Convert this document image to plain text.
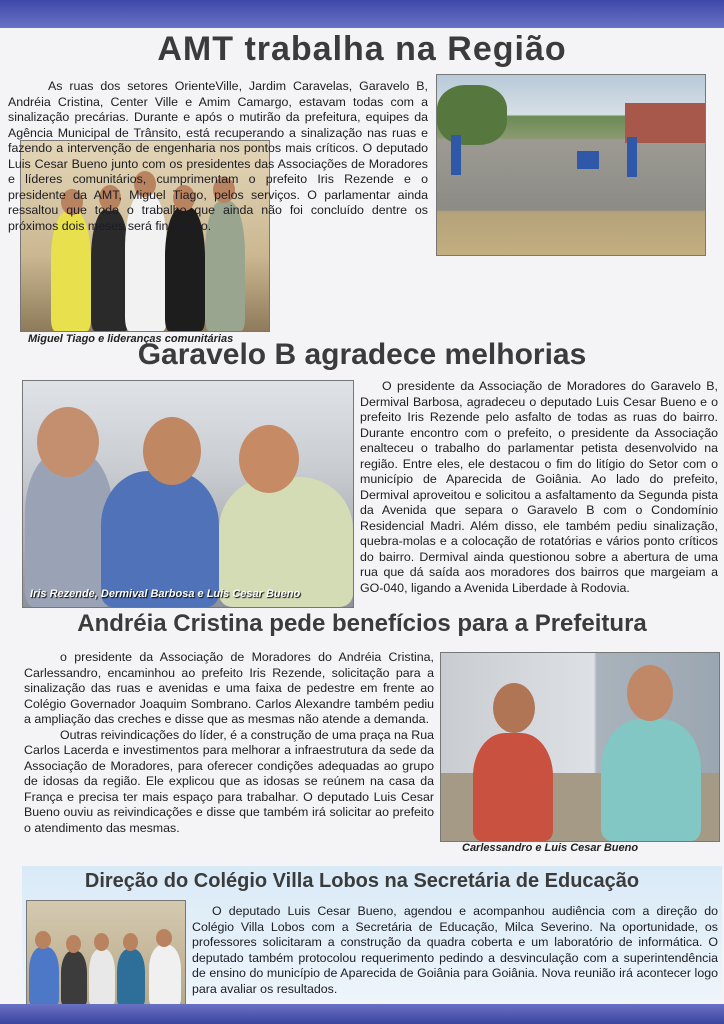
AMT trabalha na Região
Miguel Tiago e lideranças comunitárias

As ruas dos setores OrienteVille, Jardim Caravelas, Garavelo B, Andréia Cristina, Center Ville e Amim Camargo, estavam todas com a sinalização precárias. Durante e após o mutirão da prefeitura, equipes da Agência Municipal de Trânsito, está recuperando a sinalização nas ruas e fazendo a intervenção de engenharia nos pontos mais críticos. O deputado Luis Cesar Bueno junto com os presidentes das Associações de Moradores e líderes comunitários, cumprimentam o prefeito Iris Rezende e o presidente da AMT, Miguel Tiago, pelos serviços. O parlamentar ainda ressaltou que todo o trabalho que ainda não foi concluído dentre os próximos dois meses será finalizado.

Garavelo B agradece melhorias
Iris Rezende, Dermival Barbosa e Luis Cesar Bueno

O presidente da Associação de Moradores do Garavelo B, Dermival Barbosa, agradeceu o deputado Luis Cesar Bueno e o prefeito Iris Rezende pelo asfalto de todas as ruas do bairro. Durante encontro com o prefeito, o presidente da Associação enalteceu o trabalho do parlamentar petista desenvolvido na região. Entre eles, ele destacou o fim do litígio do Setor com o município de Aparecida de Goiânia. Ao lado do prefeito, Dermival aproveitou e solicitou a asfaltamento da Segunda pista da Avenida que separa o Garavelo B com o Condomínio Residencial Madri. Além disso, ele também pediu sinalização, quebra-molas e a colocação de rotatórias e vários ponto críticos do bairro. Dermival ainda questionou sobre a abertura de uma rua que dá saída aos moradores dos bairros que margeiam a GO-040, ligando a Avenida Liberdade à Rodovia.

Andréia Cristina pede benefícios para a Prefeitura

o presidente da Associação de Moradores do Andréia Cristina, Carlessandro, encaminhou ao prefeito Iris Rezende, solicitação para a sinalização das ruas e avenidas e uma faixa de pedestre em frente ao Colégio Governador Joaquim Sombrano. Carlos Alexandre também pediu a ampliação das creches e disse que as mesmas não atende a demanda.

Outras reivindicações do líder, é a construção de uma praça na Rua Carlos Lacerda e investimentos para melhorar a infraestrutura da sede da Associação de Moradores, para oferecer condições adequadas ao grupo de idosas da região. Ele explicou que as idosas se reúnem na casa da França e precisa ter mais espaço para trabalhar. O deputado Luis Cesar Bueno ouviu as reivindicações e disse que também irá solicitar ao prefeito o atendimento das mesmas.

Carlessandro e Luis Cesar Bueno
Direção do Colégio Villa Lobos na Secretária de Educação

O deputado Luis Cesar Bueno, agendou e acompanhou audiência com a direção do Colégio Villa Lobos com a Secretária de Educação, Milca Severino. Na oportunidade, os professores solicitaram a construção da quadra coberta e um laboratório de informática. O deputado também protocolou requerimento pedindo a desvinculação com a superintendência de ensino do município de Aparecida de Goiânia para Goiânia. Nova reunião irá acontecer logo para avaliar os resultados.
